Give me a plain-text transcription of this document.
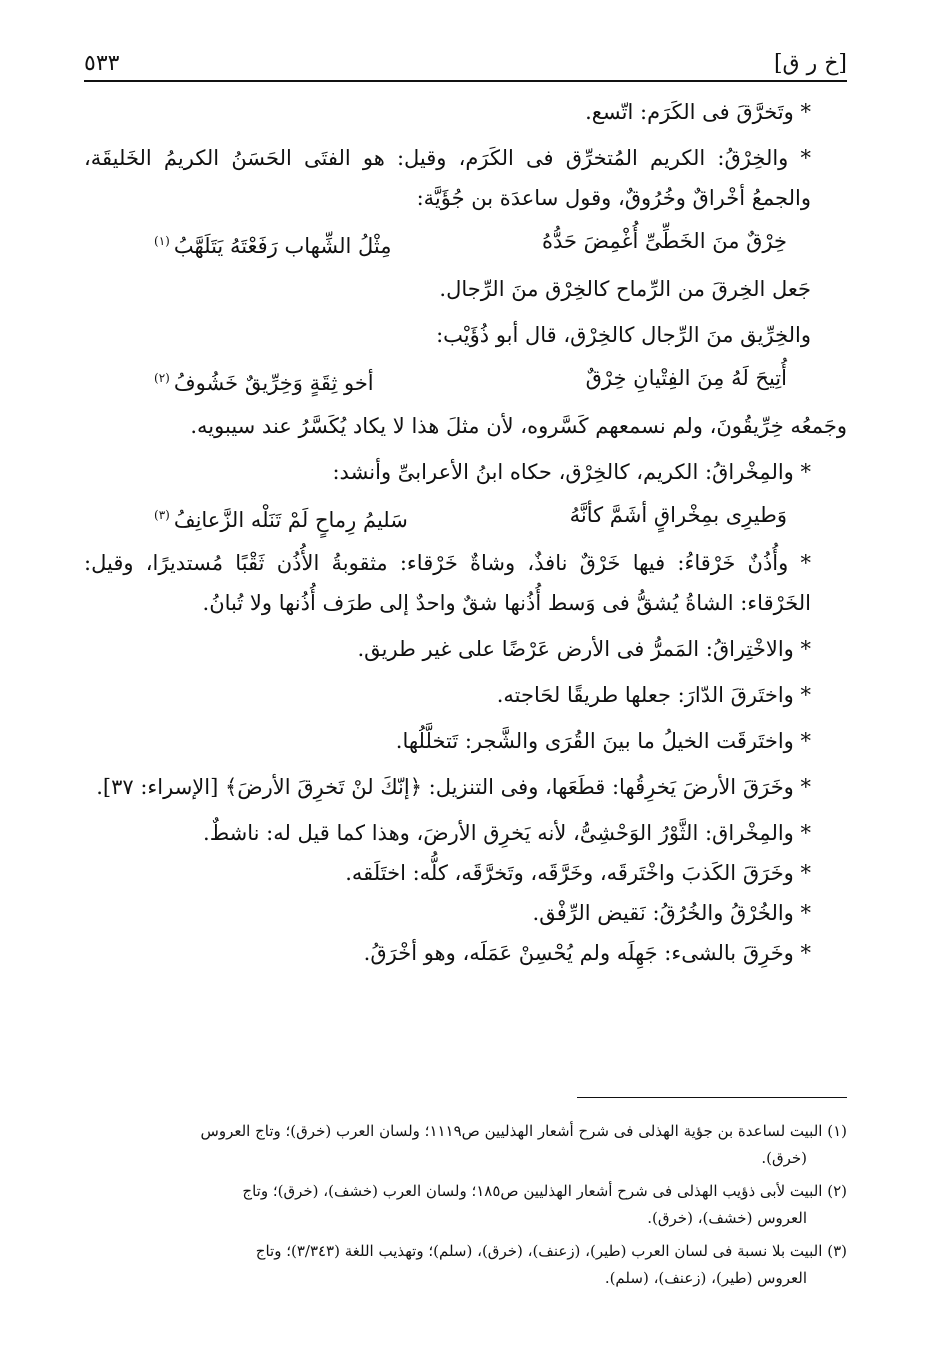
[خ ر ق]
٥٣٣

* وتَخرَّقَ فى الكَرَم: اتّسع.

* والخِرْقُ: الكريم المُتخرِّق فى الكَرَم، وقيل: هو الفتَى الحَسَنُ الكريمُ الخَليقَة، والجمعُ أخْراقٌ وخُرُوقٌ، وقول ساعدَة بن جُؤَيَّة:

خِرْقٌ منَ الخَطِّىِّ أُغْمِضَ حَدُّهُ
مِثْلُ الشِّهاب رَفَعْتَهُ يَتَلَهَّبُ$^{(١)}$

جَعل الخِرقَ من الرِّماح كالخِرْق منَ الرِّجال.

والخِرِّيق منَ الرِّجال كالخِرْق، قال أبو ذُؤَيْب:

أُتِيحَ لَهُ مِنَ الفِتْيانِ خِرْقٌ
أخو ثِقَةٍ وَخِرِّيقٌ خَشُوفُ$^{(٢)}$

وجَمعُه خِرِّيقُونَ، ولم نسمعهم كَسَّروه، لأن مثلَ هذا لا يكاد يُكَسَّرُ عند سيبويه.

* والمِخْراقُ: الكريم، كالخِرْق، حكاه ابنُ الأعرابىِّ وأنشد:

وَطيرِى بمِخْراقٍ أشَمَّ كأنَّهُ
سَليمُ رِماحٍ لَمْ تَنَلْه الزَّعانِفُ$^{(٣)}$

* وأُذُنٌ خَرْقاءُ: فيها خَرْقٌ نافذٌ، وشاةٌ خَرْقاء: مثقوبةُ الأُذُن ثَقْبًا مُستديرًا، وقيل: الخَرْقاء: الشاةُ يُشقُّ فى وَسط أُذُنها شقٌ واحدٌ إلى طرَف أُذُنها ولا تُبانُ.

* والاخْتِراقُ: المَمرُّ فى الأرض عَرْضًا على غير طريق.

* واختَرقَ الدّارَ: جعلها طريقًا لحَاجته.

* واختَرقَت الخيلُ ما بينَ القُرَى والشَّجر: تَتخلَّلُها.

* وخَرَقَ الأرضَ يَخرِقُها: قطَعَها، وفى التنزيل: ﴿إنّكَ لنْ تَخرِقَ الأرضَ﴾ [الإسراء: ٣٧].

* والمِخْراق: الثَّوْرُ الوَحْشِىُّ، لأنه يَخرِق الأرضَ، وهذا كما قيل له: ناشطٌ.

* وخَرَقَ الكَذبَ واخْتَرقَه، وخَرَّقَه، وتَخرَّقَه، كلُّه: اختَلَقه.

* والخُرْقُ والخُرُقُ: نَقيض الرِّفْق.

* وخَرِقَ بالشىء: جَهِلَه ولم يُحْسِنْ عَمَلَه، وهو أخْرَقُ.

(١) البيت لساعدة بن جؤية الهذلى فى شرح أشعار الهذليين ص١١١٩؛ ولسان العرب (خرق)؛ وتاج العروس
(خرق).

(٢) البيت لأبى ذؤيب الهذلى فى شرح أشعار الهذليين ص١٨٥؛ ولسان العرب (خشف)، (خرق)؛ وتاج
العروس (خشف)، (خرق).

(٣) البيت بلا نسبة فى لسان العرب (طير)، (زعنف)، (خرق)، (سلم)؛ وتهذيب اللغة (٣/٣٤٣)؛ وتاج
العروس (طير)، (زعنف)، (سلم).
